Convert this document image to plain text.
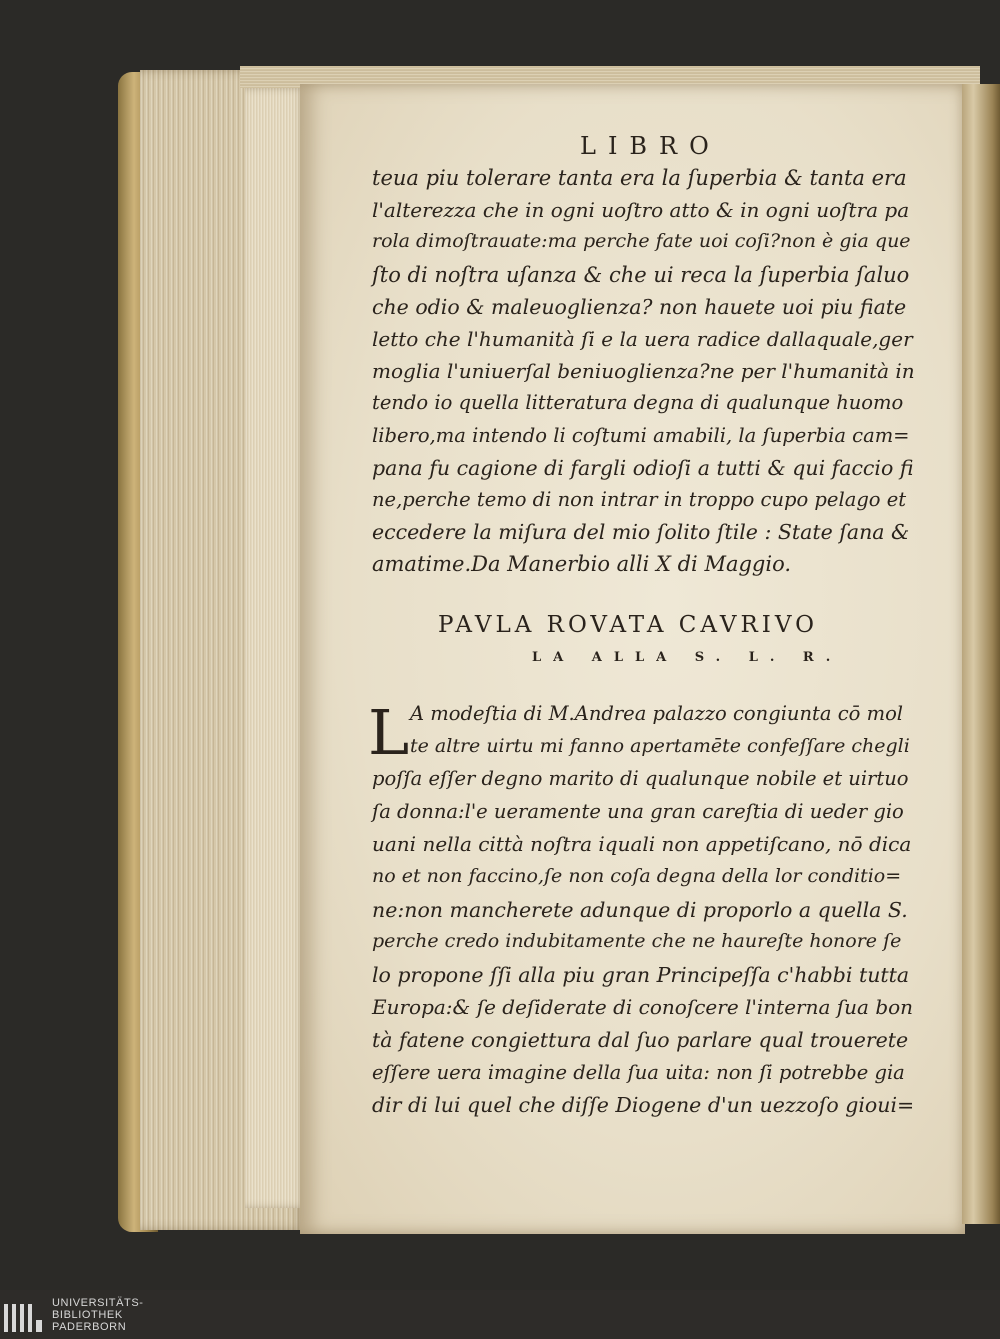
LIBRO
teua piu tolerare tanta era la ſuperbia & tanta era
l'alterezza che in ogni uoſtro atto & in ogni uoſtra pa
rola dimoſtrauate:ma perche fate uoi coſi?non è gia que
ſto di noſtra uſanza & che ui reca la ſuperbia ſaluo
che odio & maleuoglienza? non hauete uoi piu fiate
letto che l'humanità ſi e la uera radice dallaquale,ger
moglia l'uniuerſal beniuoglienza?ne per l'humanità in
tendo io quella litteratura degna di qualunque huomo
libero,ma intendo li coſtumi amabili, la ſuperbia cam=
pana fu cagione di fargli odioſi a tutti & qui faccio fi
ne,perche temo di non intrar in troppo cupo pelago et
eccedere la miſura del mio ſolito ſtile : State ſana &
amatime.Da Manerbio alli X di Maggio.
PAVLA ROVATA CAVRIVO
LA ALLA S. L. R.
L A modeſtia di M.Andrea palazzo congiunta cō mol
te altre uirtu mi fanno apertamēte confeſſare chegli
poſſa eſſer degno marito di qualunque nobile et uirtuo
ſa donna:l'e ueramente una gran careſtia di ueder gio
uani nella città noſtra iquali non appetiſcano, nō dica
no et non faccino,ſe non coſa degna della lor conditio=
ne:non mancherete adunque di proporlo a quella S.
perche credo indubitamente che ne haureſte honore ſe
lo propone ſſi alla piu gran Principeſſa c'habbi tutta
Europa:& ſe deſiderate di conoſcere l'interna ſua bon
tà fatene congiettura dal ſuo parlare qual trouerete
eſſere uera imagine della ſua uita: non ſi potrebbe gia
dir di lui quel che diſſe Diogene d'un uezzoſo gioui=
UNIVERSITÄTS-
BIBLIOTHEK
PADERBORN
